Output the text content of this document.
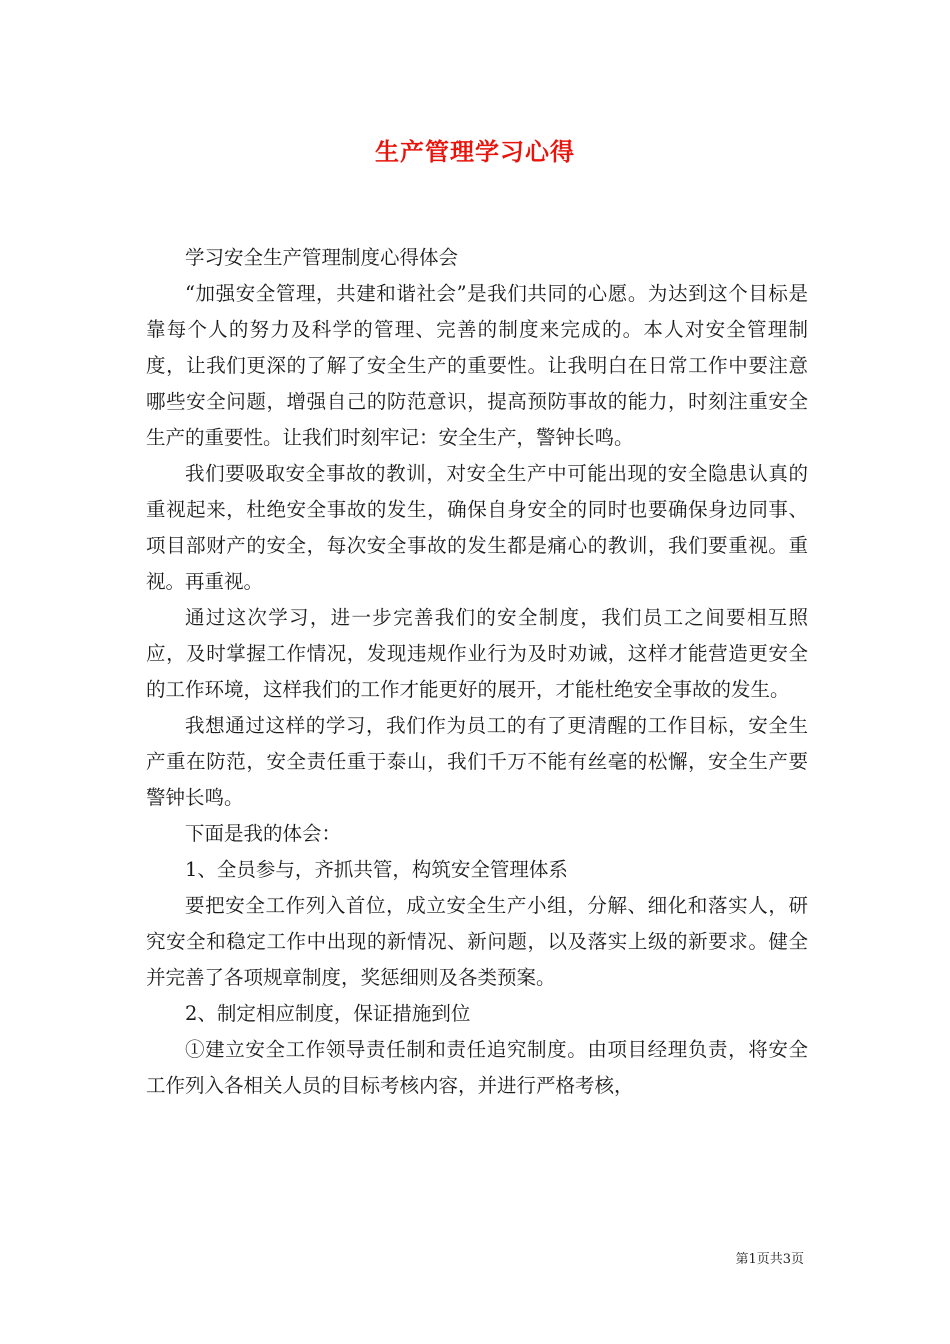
生产管理学习心得

学习安全生产管理制度心得体会

“加强安全管理，共建和谐社会”是我们共同的心愿。为达到这个目标是靠每个人的努力及科学的管理、完善的制度来完成的。本人对安全管理制度，让我们更深的了解了安全生产的重要性。让我明白在日常工作中要注意哪些安全问题，增强自己的防范意识，提高预防事故的能力，时刻注重安全生产的重要性。让我们时刻牢记：安全生产，警钟长鸣。

我们要吸取安全事故的教训，对安全生产中可能出现的安全隐患认真的重视起来，杜绝安全事故的发生，确保自身安全的同时也要确保身边同事、项目部财产的安全，每次安全事故的发生都是痛心的教训，我们要重视。重视。再重视。

通过这次学习，进一步完善我们的安全制度，我们员工之间要相互照应，及时掌握工作情况，发现违规作业行为及时劝诫，这样才能营造更安全的工作环境，这样我们的工作才能更好的展开，才能杜绝安全事故的发生。

我想通过这样的学习，我们作为员工的有了更清醒的工作目标，安全生产重在防范，安全责任重于泰山，我们千万不能有丝毫的松懈，安全生产要警钟长鸣。

下面是我的体会：

1、全员参与，齐抓共管，构筑安全管理体系

要把安全工作列入首位，成立安全生产小组，分解、细化和落实人，研究安全和稳定工作中出现的新情况、新问题，以及落实上级的新要求。健全并完善了各项规章制度，奖惩细则及各类预案。

2、制定相应制度，保证措施到位

①建立安全工作领导责任制和责任追究制度。由项目经理负责，将安全工作列入各相关人员的目标考核内容，并进行严格考核，

第1页共3页
